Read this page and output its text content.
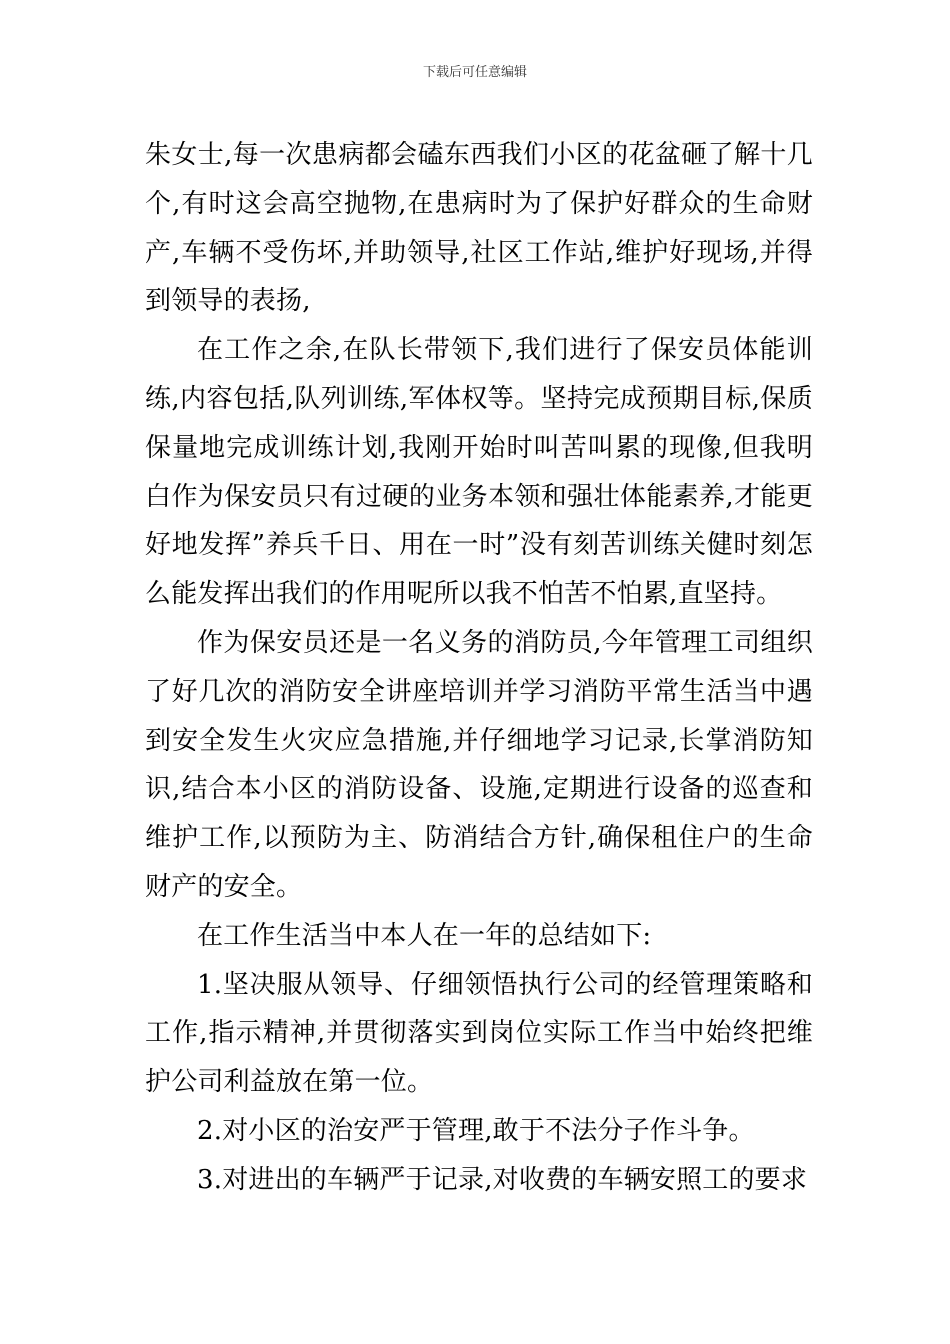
下载后可任意编辑

朱女士,每一次患病都会磕东西我们小区的花盆砸了解十几个,有时这会高空抛物,在患病时为了保护好群众的生命财产,车辆不受伤坏,并助领导,社区工作站,维护好现场,并得到领导的表扬,

在工作之余,在队长带领下,我们进行了保安员体能训练,内容包括,队列训练,军体权等。坚持完成预期目标,保质保量地完成训练计划,我刚开始时叫苦叫累的现像,但我明白作为保安员只有过硬的业务本领和强壮体能素养,才能更好地发挥”养兵千日、用在一时”没有刻苦训练关健时刻怎么能发挥出我们的作用呢所以我不怕苦不怕累,直坚持。

作为保安员还是一名义务的消防员,今年管理工司组织了好几次的消防安全讲座培训并学习消防平常生活当中遇到安全发生火灾应急措施,并仔细地学习记录,长掌消防知识,结合本小区的消防设备、设施,定期进行设备的巡查和维护工作,以预防为主、防消结合方针,确保租住户的生命财产的安全。

在工作生活当中本人在一年的总结如下:

1.坚决服从领导、仔细领悟执行公司的经管理策略和工作,指示精神,并贯彻落实到岗位实际工作当中始终把维护公司利益放在第一位。

2.对小区的治安严于管理,敢于不法分子作斗争。

3.对进出的车辆严于记录,对收费的车辆安照工的要求
